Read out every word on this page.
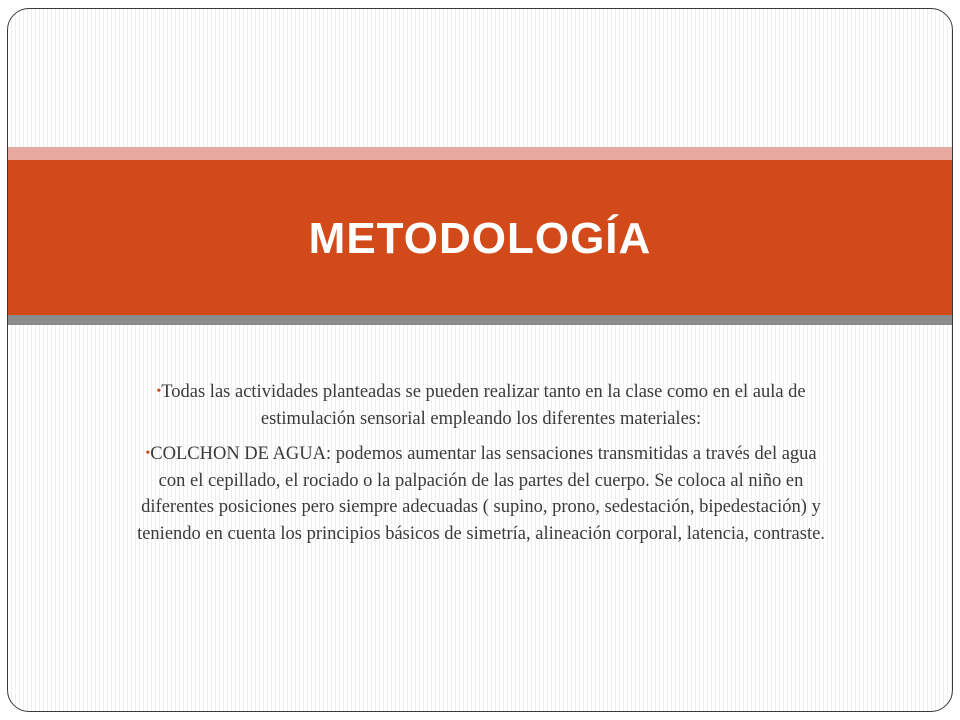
METODOLOGÍA

•Todas las actividades planteadas se pueden realizar tanto en la clase como en el aula de estimulación sensorial empleando los diferentes materiales:

•COLCHON DE AGUA: podemos aumentar las sensaciones transmitidas a través del agua con el cepillado, el rociado o la palpación de las partes del cuerpo. Se coloca al niño en diferentes posiciones pero siempre adecuadas ( supino, prono, sedestación, bipedestación) y teniendo en cuenta los principios básicos de simetría, alineación corporal, latencia, contraste.
